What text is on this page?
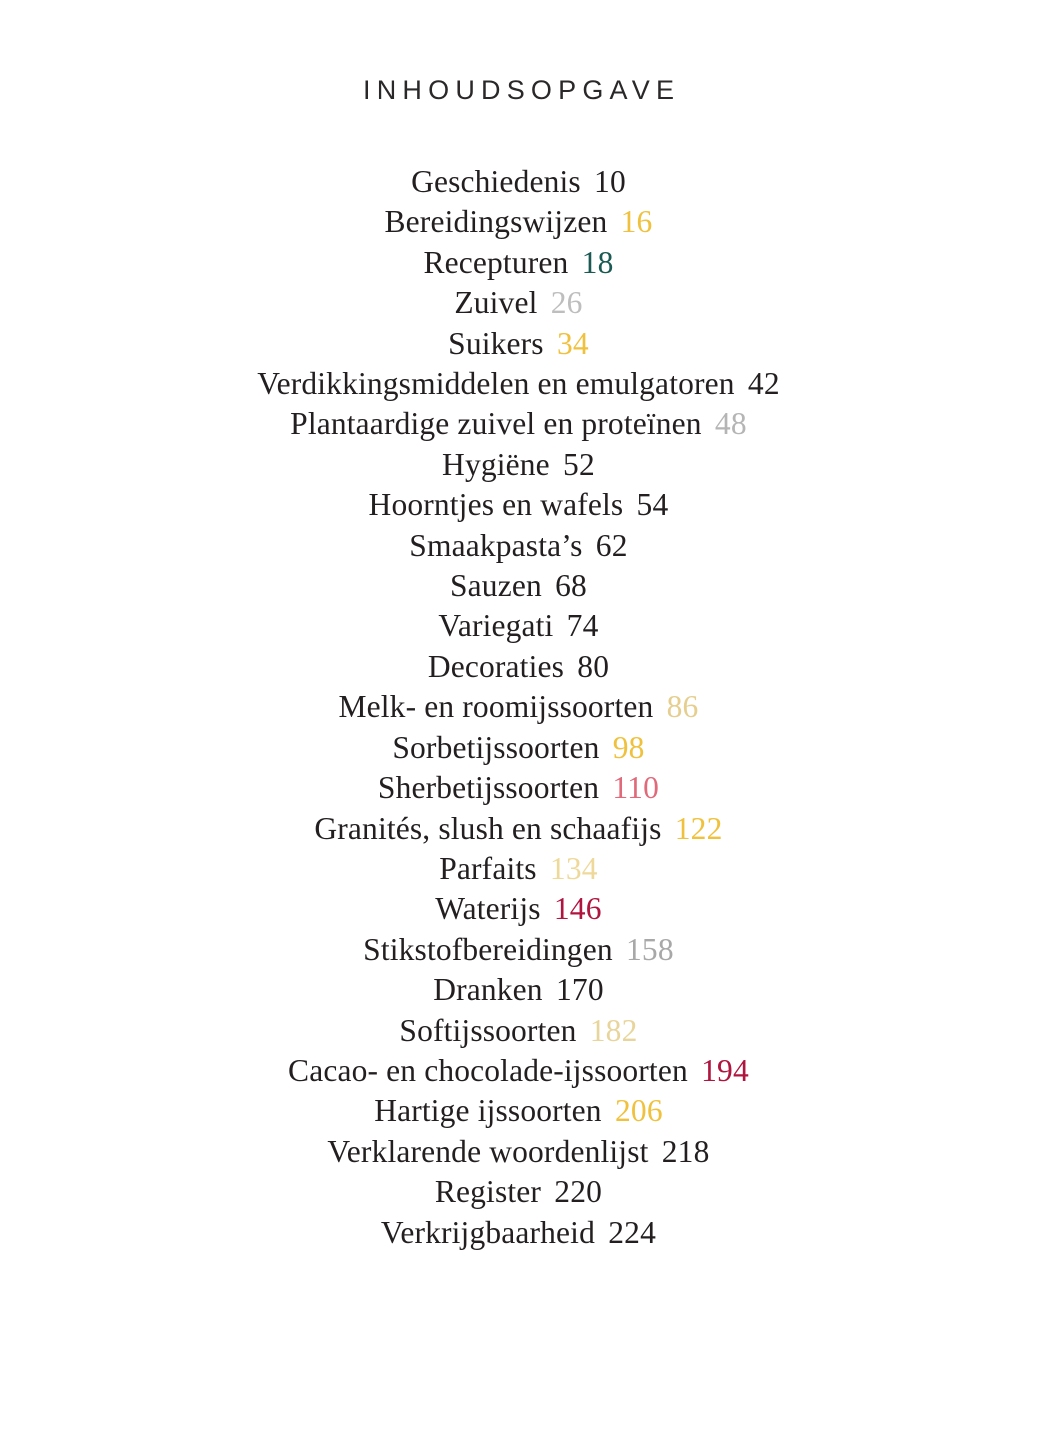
INHOUDSOPGAVE
Geschiedenis 10
Bereidingswijzen 16
Recepturen 18
Zuivel 26
Suikers 34
Verdikkingsmiddelen en emulgatoren 42
Plantaardige zuivel en proteïnen 48
Hygiëne 52
Hoorntjes en wafels 54
Smaakpasta’s 62
Sauzen 68
Variegati 74
Decoraties 80
Melk- en roomijssoorten 86
Sorbetijssoorten 98
Sherbetijssoorten 110
Granités, slush en schaafijs 122
Parfaits 134
Waterijs 146
Stikstofbereidingen 158
Dranken 170
Softijssoorten 182
Cacao- en chocolade-ijssoorten 194
Hartige ijssoorten 206
Verklarende woordenlijst 218
Register 220
Verkrijgbaarheid 224
